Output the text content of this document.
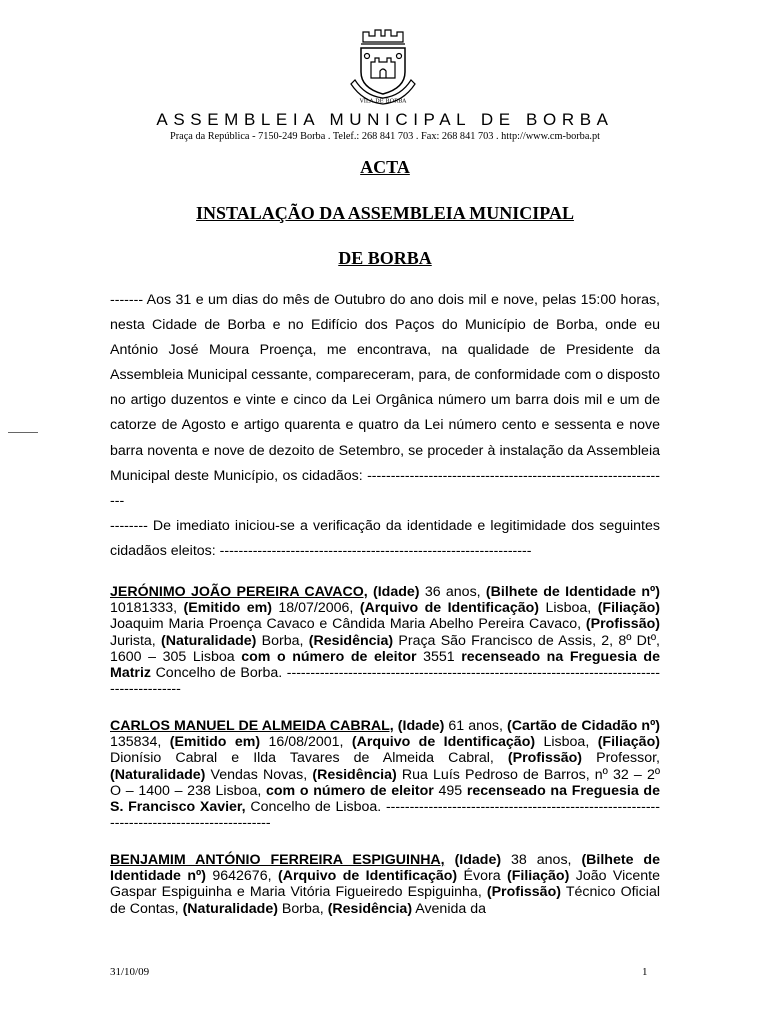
VILA DE BORBA
ASSEMBLEIA MUNICIPAL DE BORBA
Praça da República - 7150-249 Borba . Telef.: 268 841 703 . Fax: 268 841 703 . http://www.cm-borba.pt
ACTA
INSTALAÇÃO DA ASSEMBLEIA MUNICIPAL
DE BORBA

------- Aos 31 e um dias do mês de Outubro do ano dois mil e nove, pelas 15:00 horas, nesta Cidade de Borba e no Edifício dos Paços do Município de Borba, onde eu António José Moura Proença, me encontrava, na qualidade de Presidente da Assembleia Municipal cessante, compareceram, para, de conformidade com o disposto no artigo duzentos e vinte e cinco da Lei Orgânica número um barra dois mil e um de catorze de Agosto e artigo quarenta e quatro da Lei número cento e sessenta e nove barra noventa e nove de dezoito de Setembro, se proceder à instalação da Assembleia Municipal deste Município, os cidadãos: -----------------------------------------------------------------

-------- De imediato iniciou-se a verificação da identidade e legitimidade dos seguintes cidadãos eleitos: ------------------------------------------------------------------

JERÓNIMO JOÃO PEREIRA CAVACO, (Idade) 36 anos, (Bilhete de Identidade nº) 10181333, (Emitido em) 18/07/2006, (Arquivo de Identificação) Lisboa, (Filiação) Joaquim Maria Proença Cavaco e Cândida Maria Abelho Pereira Cavaco, (Profissão) Jurista, (Naturalidade) Borba, (Residência) Praça São Francisco de Assis, 2, 8º Dtº, 1600 – 305 Lisboa com o número de eleitor 3551 recenseado na Freguesia de Matriz Concelho de Borba. ----------------------------------------------------------------------------------------------
CARLOS MANUEL DE ALMEIDA CABRAL, (Idade) 61 anos, (Cartão de Cidadão nº) 135834, (Emitido em) 16/08/2001, (Arquivo de Identificação) Lisboa, (Filiação) Dionísio Cabral e Ilda Tavares de Almeida Cabral, (Profissão) Professor, (Naturalidade) Vendas Novas, (Residência) Rua Luís Pedroso de Barros, nº 32 – 2º O – 1400 – 238 Lisboa, com o número de eleitor 495 recenseado na Freguesia de S. Francisco Xavier, Concelho de Lisboa. --------------------------------------------------------------------------------------------
BENJAMIM ANTÓNIO FERREIRA ESPIGUINHA, (Idade) 38 anos, (Bilhete de Identidade nº) 9642676, (Arquivo de Identificação) Évora (Filiação) João Vicente Gaspar Espiguinha e Maria Vitória Figueiredo Espiguinha, (Profissão) Técnico Oficial de Contas, (Naturalidade) Borba, (Residência) Avenida da
31/10/09	1
